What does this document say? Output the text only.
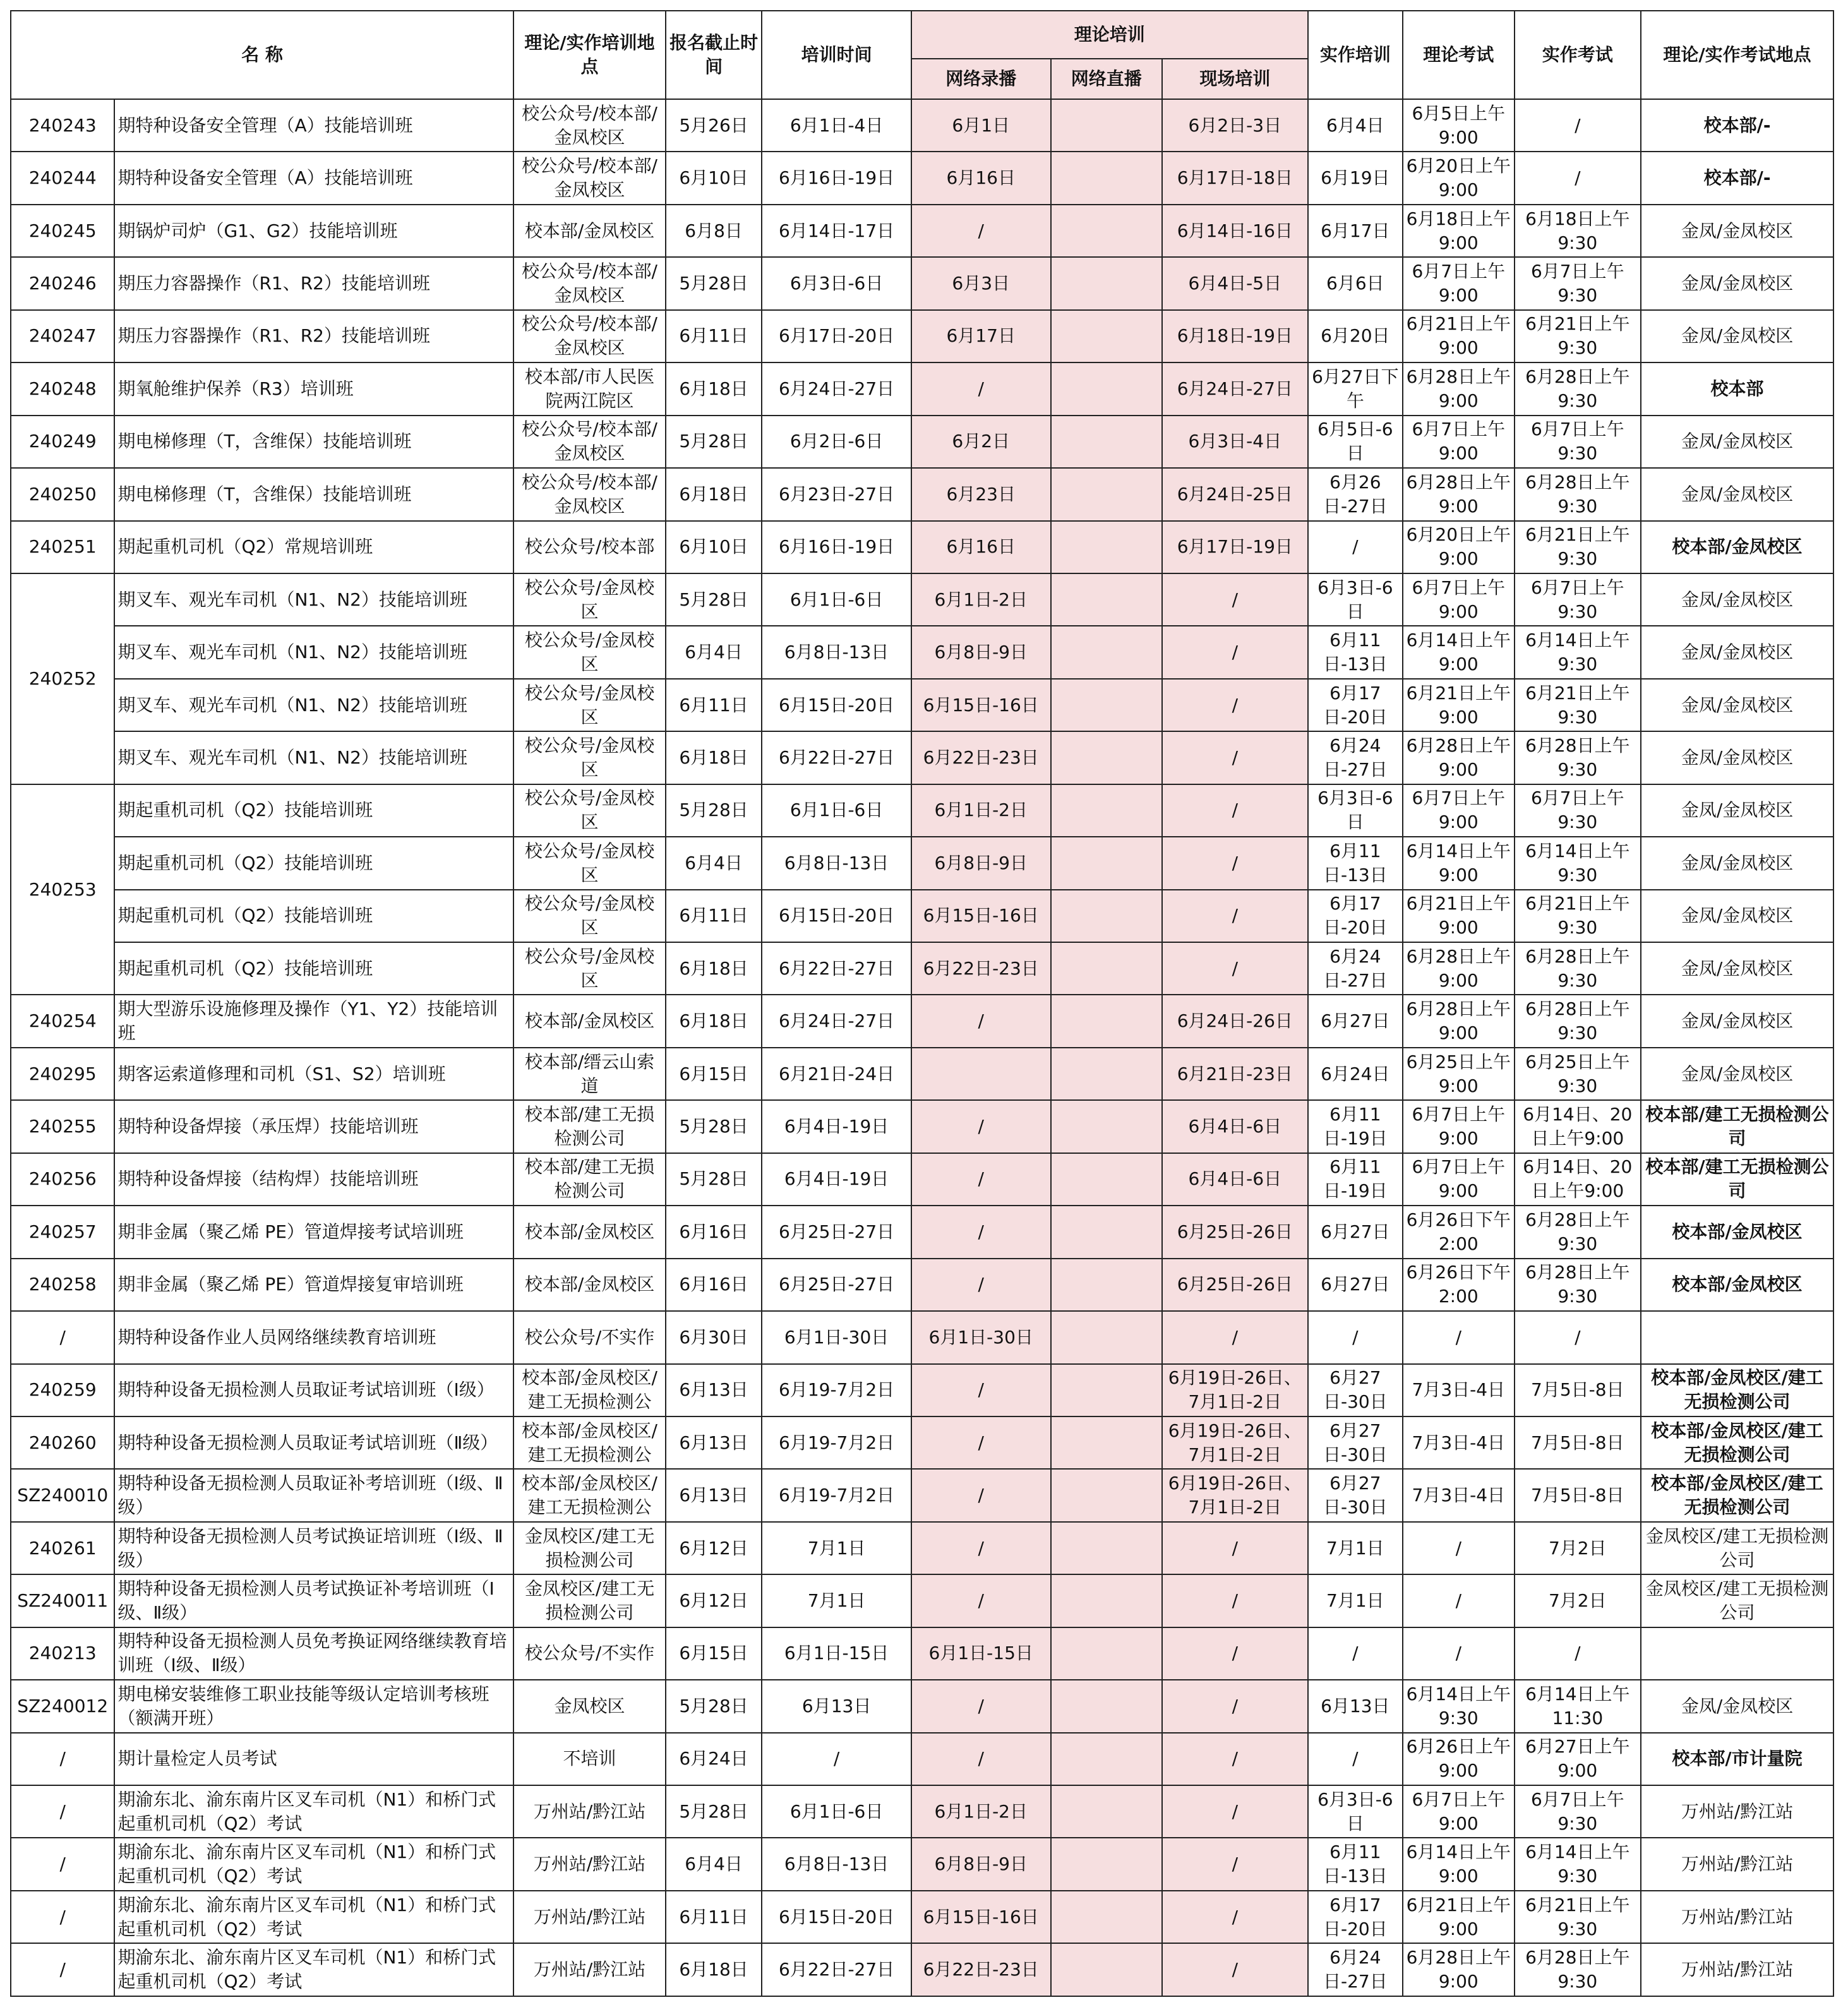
名 称		理论/实作培训地点	报名截止时间	培训时间	理论培训			实作培训	理论考试	实作考试	理论/实作考试地点
					网络录播	网络直播	现场培训				
240243	期特种设备安全管理（A）技能培训班	校公众号/校本部/金凤校区	5月26日	6月1日-4日	6月1日		6月2日-3日	6月4日	6月5日上午9:00	/	校本部/-
240244	期特种设备安全管理（A）技能培训班	校公众号/校本部/金凤校区	6月10日	6月16日-19日	6月16日		6月17日-18日	6月19日	6月20日上午9:00	/	校本部/-
240245	期锅炉司炉（G1、G2）技能培训班	校本部/金凤校区	6月8日	6月14日-17日	/		6月14日-16日	6月17日	6月18日上午9:00	6月18日上午9:30	金凤/金凤校区
240246	期压力容器操作（R1、R2）技能培训班	校公众号/校本部/金凤校区	5月28日	6月3日-6日	6月3日		6月4日-5日	6月6日	6月7日上午9:00	6月7日上午9:30	金凤/金凤校区
240247	期压力容器操作（R1、R2）技能培训班	校公众号/校本部/金凤校区	6月11日	6月17日-20日	6月17日		6月18日-19日	6月20日	6月21日上午9:00	6月21日上午9:30	金凤/金凤校区
240248	期氧舱维护保养（R3）培训班	校本部/市人民医院两江院区	6月18日	6月24日-27日	/		6月24日-27日	6月27日下午	6月28日上午9:00	6月28日上午9:30	校本部
240249	期电梯修理（T，含维保）技能培训班	校公众号/校本部/金凤校区	5月28日	6月2日-6日	6月2日		6月3日-4日	6月5日-6日	6月7日上午9:00	6月7日上午9:30	金凤/金凤校区
240250	期电梯修理（T，含维保）技能培训班	校公众号/校本部/金凤校区	6月18日	6月23日-27日	6月23日		6月24日-25日	6月26日-27日	6月28日上午9:00	6月28日上午9:30	金凤/金凤校区
240251	期起重机司机（Q2）常规培训班	校公众号/校本部	6月10日	6月16日-19日	6月16日		6月17日-19日	/	6月20日上午9:00	6月21日上午9:30	校本部/金凤校区
240252	期叉车、观光车司机（N1、N2）技能培训班	校公众号/金凤校区	5月28日	6月1日-6日	6月1日-2日		/	6月3日-6日	6月7日上午9:00	6月7日上午9:30	金凤/金凤校区
	期叉车、观光车司机（N1、N2）技能培训班	校公众号/金凤校区	6月4日	6月8日-13日	6月8日-9日		/	6月11日-13日	6月14日上午9:00	6月14日上午9:30	金凤/金凤校区
	期叉车、观光车司机（N1、N2）技能培训班	校公众号/金凤校区	6月11日	6月15日-20日	6月15日-16日		/	6月17日-20日	6月21日上午9:00	6月21日上午9:30	金凤/金凤校区
	期叉车、观光车司机（N1、N2）技能培训班	校公众号/金凤校区	6月18日	6月22日-27日	6月22日-23日		/	6月24日-27日	6月28日上午9:00	6月28日上午9:30	金凤/金凤校区
240253	期起重机司机（Q2）技能培训班	校公众号/金凤校区	5月28日	6月1日-6日	6月1日-2日		/	6月3日-6日	6月7日上午9:00	6月7日上午9:30	金凤/金凤校区
	期起重机司机（Q2）技能培训班	校公众号/金凤校区	6月4日	6月8日-13日	6月8日-9日		/	6月11日-13日	6月14日上午9:00	6月14日上午9:30	金凤/金凤校区
	期起重机司机（Q2）技能培训班	校公众号/金凤校区	6月11日	6月15日-20日	6月15日-16日		/	6月17日-20日	6月21日上午9:00	6月21日上午9:30	金凤/金凤校区
	期起重机司机（Q2）技能培训班	校公众号/金凤校区	6月18日	6月22日-27日	6月22日-23日		/	6月24日-27日	6月28日上午9:00	6月28日上午9:30	金凤/金凤校区
240254	期大型游乐设施修理及操作（Y1、Y2）技能培训班	校本部/金凤校区	6月18日	6月24日-27日	/		6月24日-26日	6月27日	6月28日上午9:00	6月28日上午9:30	金凤/金凤校区
240295	期客运索道修理和司机（S1、S2）培训班	校本部/缙云山索道	6月15日	6月21日-24日			6月21日-23日	6月24日	6月25日上午9:00	6月25日上午9:30	金凤/金凤校区
240255	期特种设备焊接（承压焊）技能培训班	校本部/建工无损检测公司	5月28日	6月4日-19日	/		6月4日-6日	6月11日-19日	6月7日上午9:00	6月14日、20日上午9:00	校本部/建工无损检测公司
240256	期特种设备焊接（结构焊）技能培训班	校本部/建工无损检测公司	5月28日	6月4日-19日	/		6月4日-6日	6月11日-19日	6月7日上午9:00	6月14日、20日上午9:00	校本部/建工无损检测公司
240257	期非金属（聚乙烯 PE）管道焊接考试培训班	校本部/金凤校区	6月16日	6月25日-27日	/		6月25日-26日	6月27日	6月26日下午2:00	6月28日上午9:30	校本部/金凤校区
240258	期非金属（聚乙烯 PE）管道焊接复审培训班	校本部/金凤校区	6月16日	6月25日-27日	/		6月25日-26日	6月27日	6月26日下午2:00	6月28日上午9:30	校本部/金凤校区
/	期特种设备作业人员网络继续教育培训班	校公众号/不实作	6月30日	6月1日-30日	6月1日-30日		/	/	/	/	
240259	期特种设备无损检测人员取证考试培训班（Ⅰ级）	校本部/金凤校区/建工无损检测公	6月13日	6月19-7月2日	/		6月19日-26日、7月1日-2日	6月27日-30日	7月3日-4日	7月5日-8日	校本部/金凤校区/建工无损检测公司
240260	期特种设备无损检测人员取证考试培训班（Ⅱ级）	校本部/金凤校区/建工无损检测公	6月13日	6月19-7月2日	/		6月19日-26日、7月1日-2日	6月27日-30日	7月3日-4日	7月5日-8日	校本部/金凤校区/建工无损检测公司
SZ240010	期特种设备无损检测人员取证补考培训班（Ⅰ级、Ⅱ级）	校本部/金凤校区/建工无损检测公	6月13日	6月19-7月2日	/		6月19日-26日、7月1日-2日	6月27日-30日	7月3日-4日	7月5日-8日	校本部/金凤校区/建工无损检测公司
240261	期特种设备无损检测人员考试换证培训班（Ⅰ级、Ⅱ级）	金凤校区/建工无损检测公司	6月12日	7月1日	/		/	7月1日	/	7月2日	金凤校区/建工无损检测公司
SZ240011	期特种设备无损检测人员考试换证补考培训班（Ⅰ级、Ⅱ级）	金凤校区/建工无损检测公司	6月12日	7月1日	/		/	7月1日	/	7月2日	金凤校区/建工无损检测公司
240213	期特种设备无损检测人员免考换证网络继续教育培训班（Ⅰ级、Ⅱ级）	校公众号/不实作	6月15日	6月1日-15日	6月1日-15日		/	/	/	/	
SZ240012	期电梯安装维修工职业技能等级认定培训考核班（额满开班）	金凤校区	5月28日	6月13日	/		/	6月13日	6月14日上午9:30	6月14日上午11:30	金凤/金凤校区
/	期计量检定人员考试	不培训	6月24日	/	/		/	/	6月26日上午9:00	6月27日上午9:00	校本部/市计量院
/	期渝东北、渝东南片区叉车司机（N1）和桥门式起重机司机（Q2）考试	万州站/黔江站	5月28日	6月1日-6日	6月1日-2日		/	6月3日-6日	6月7日上午9:00	6月7日上午9:30	万州站/黔江站
/	期渝东北、渝东南片区叉车司机（N1）和桥门式起重机司机（Q2）考试	万州站/黔江站	6月4日	6月8日-13日	6月8日-9日		/	6月11日-13日	6月14日上午9:00	6月14日上午9:30	万州站/黔江站
/	期渝东北、渝东南片区叉车司机（N1）和桥门式起重机司机（Q2）考试	万州站/黔江站	6月11日	6月15日-20日	6月15日-16日		/	6月17日-20日	6月21日上午9:00	6月21日上午9:30	万州站/黔江站
/	期渝东北、渝东南片区叉车司机（N1）和桥门式起重机司机（Q2）考试	万州站/黔江站	6月18日	6月22日-27日	6月22日-23日		/	6月24日-27日	6月28日上午9:00	6月28日上午9:30	万州站/黔江站
